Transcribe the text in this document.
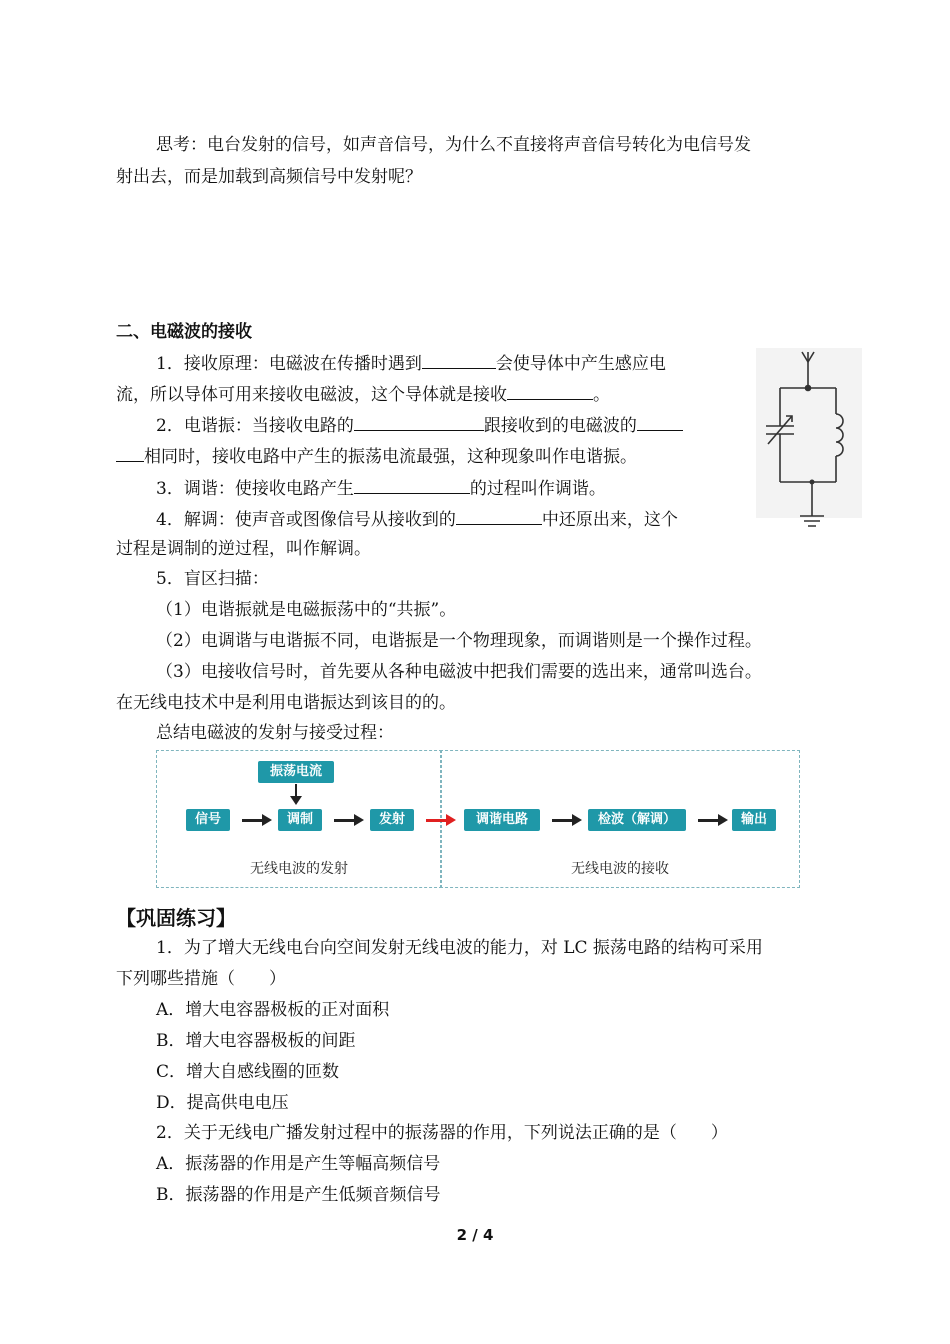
思考：电台发射的信号，如声音信号，为什么不直接将声音信号转化为电信号发
射出去，而是加载到高频信号中发射呢？
二、电磁波的接收
1．接收原理：电磁波在传播时遇到	会使导体中产生感应电
流，所以导体可用来接收电磁波，这个导体就是接收	。
2．电谐振：当接收电路的	跟接收到的电磁波的
相同时，接收电路中产生的振荡电流最强，这种现象叫作电谐振。
3．调谐：使接收电路产生	的过程叫作调谐。
4．解调：使声音或图像信号从接收到的	中还原出来，这个
过程是调制的逆过程，叫作解调。
5．盲区扫描：
（1）电谐振就是电磁振荡中的“共振”。
（2）电调谐与电谐振不同，电谐振是一个物理现象，而调谐则是一个操作过程。
（3）电接收信号时，首先要从各种电磁波中把我们需要的选出来，通常叫选台。
在无线电技术中是利用电谐振达到该目的的。
总结电磁波的发射与接受过程：
振荡电流
信号	调制	发射	调谐电路	检波（解调）	输出
无线电波的发射	无线电波的接收
【巩固练习】
1．为了增大无线电台向空间发射无线电波的能力，对 LC 振荡电路的结构可采用
下列哪些措施（　　）
A．增大电容器极板的正对面积
B．增大电容器极板的间距
C．增大自感线圈的匝数
D．提高供电电压
2．关于无线电广播发射过程中的振荡器的作用，下列说法正确的是（　　）
A．振荡器的作用是产生等幅高频信号
B．振荡器的作用是产生低频音频信号
2 / 4
